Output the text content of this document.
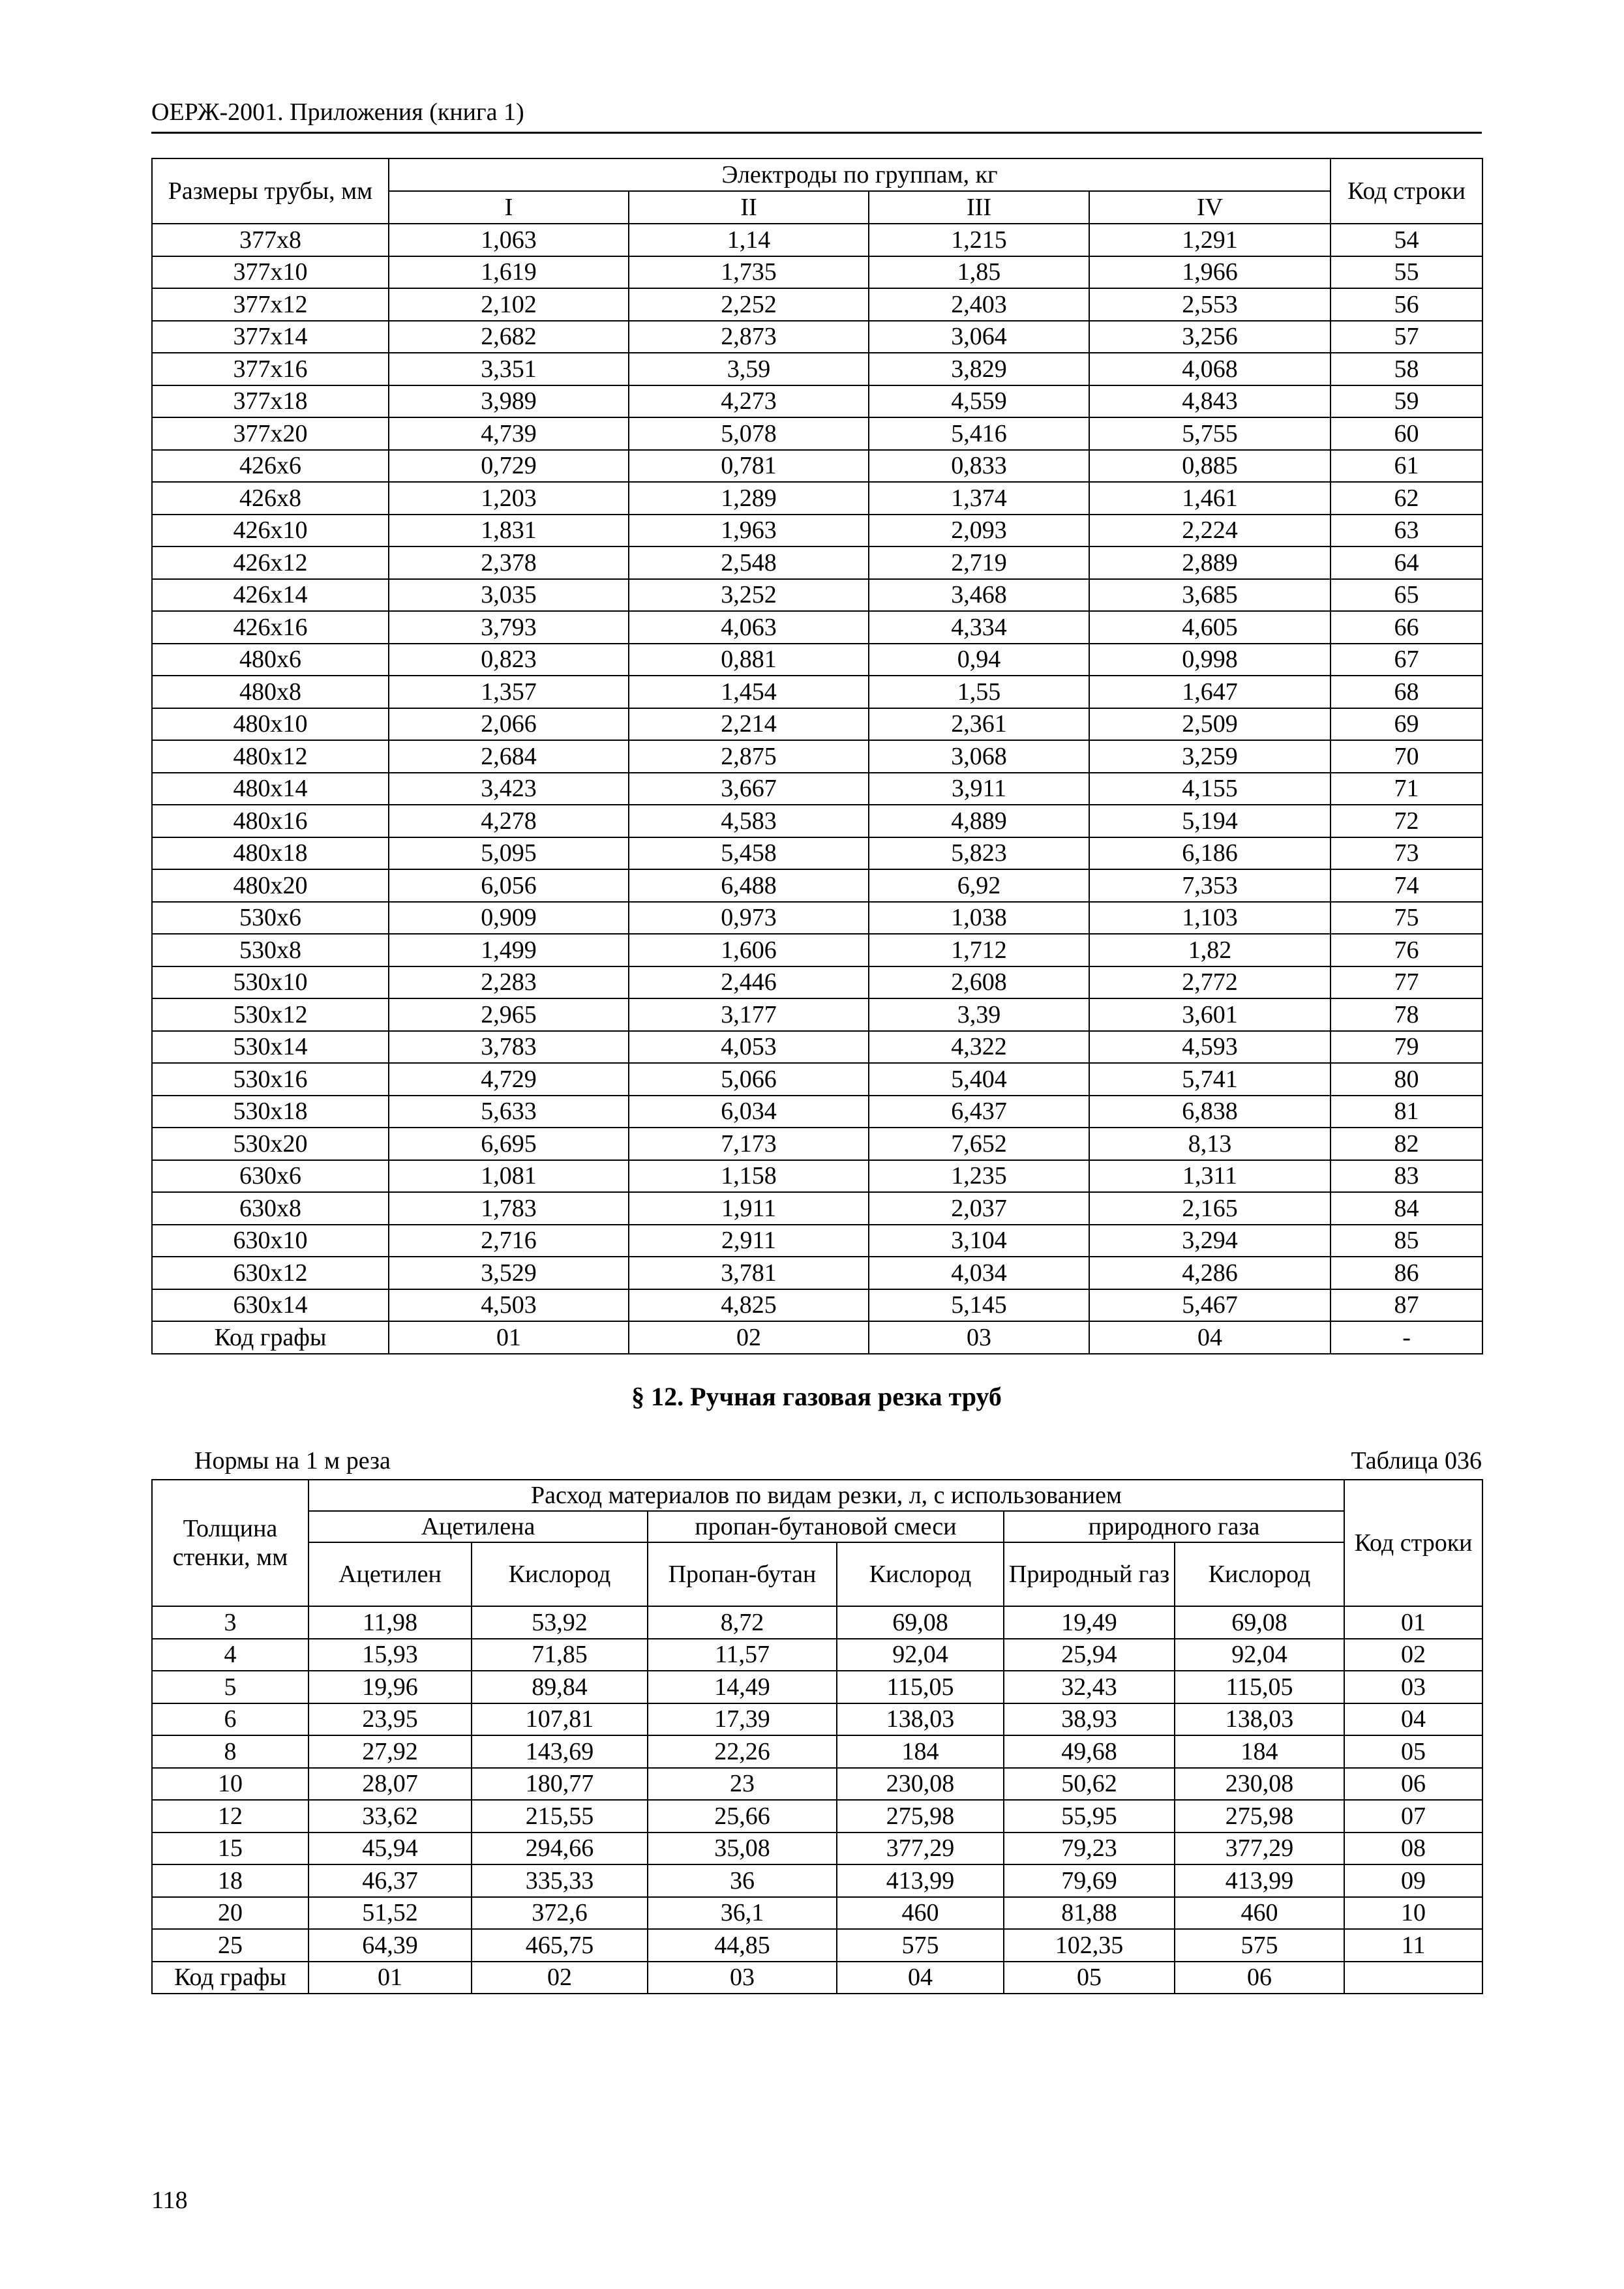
ОЕРЖ-2001. Приложения (книга 1)
Размеры трубы, мм	Электроды по группам, кг				Код строки
	I	II	III	IV	
377x8	1,063	1,14	1,215	1,291	54
377x10	1,619	1,735	1,85	1,966	55
377x12	2,102	2,252	2,403	2,553	56
377x14	2,682	2,873	3,064	3,256	57
377x16	3,351	3,59	3,829	4,068	58
377x18	3,989	4,273	4,559	4,843	59
377x20	4,739	5,078	5,416	5,755	60
426x6	0,729	0,781	0,833	0,885	61
426x8	1,203	1,289	1,374	1,461	62
426x10	1,831	1,963	2,093	2,224	63
426x12	2,378	2,548	2,719	2,889	64
426x14	3,035	3,252	3,468	3,685	65
426x16	3,793	4,063	4,334	4,605	66
480x6	0,823	0,881	0,94	0,998	67
480x8	1,357	1,454	1,55	1,647	68
480x10	2,066	2,214	2,361	2,509	69
480x12	2,684	2,875	3,068	3,259	70
480x14	3,423	3,667	3,911	4,155	71
480x16	4,278	4,583	4,889	5,194	72
480x18	5,095	5,458	5,823	6,186	73
480x20	6,056	6,488	6,92	7,353	74
530x6	0,909	0,973	1,038	1,103	75
530x8	1,499	1,606	1,712	1,82	76
530x10	2,283	2,446	2,608	2,772	77
530x12	2,965	3,177	3,39	3,601	78
530x14	3,783	4,053	4,322	4,593	79
530x16	4,729	5,066	5,404	5,741	80
530x18	5,633	6,034	6,437	6,838	81
530x20	6,695	7,173	7,652	8,13	82
630x6	1,081	1,158	1,235	1,311	83
630x8	1,783	1,911	2,037	2,165	84
630x10	2,716	2,911	3,104	3,294	85
630x12	3,529	3,781	4,034	4,286	86
630x14	4,503	4,825	5,145	5,467	87
Код графы	01	02	03	04	-
§ 12. Ручная газовая резка труб
Нормы на 1 м реза	Таблица 036
Толщина стенки, мм	Расход материалов по видам резки, л, с использованием						Код строки
	Ацетилена		пропан-бутановой смеси		природного газа		
	Ацетилен	Кислород	Пропан-бутан	Кислород	Природный газ	Кислород	
3	11,98	53,92	8,72	69,08	19,49	69,08	01
4	15,93	71,85	11,57	92,04	25,94	92,04	02
5	19,96	89,84	14,49	115,05	32,43	115,05	03
6	23,95	107,81	17,39	138,03	38,93	138,03	04
8	27,92	143,69	22,26	184	49,68	184	05
10	28,07	180,77	23	230,08	50,62	230,08	06
12	33,62	215,55	25,66	275,98	55,95	275,98	07
15	45,94	294,66	35,08	377,29	79,23	377,29	08
18	46,37	335,33	36	413,99	79,69	413,99	09
20	51,52	372,6	36,1	460	81,88	460	10
25	64,39	465,75	44,85	575	102,35	575	11
Код графы	01	02	03	04	05	06	
118
